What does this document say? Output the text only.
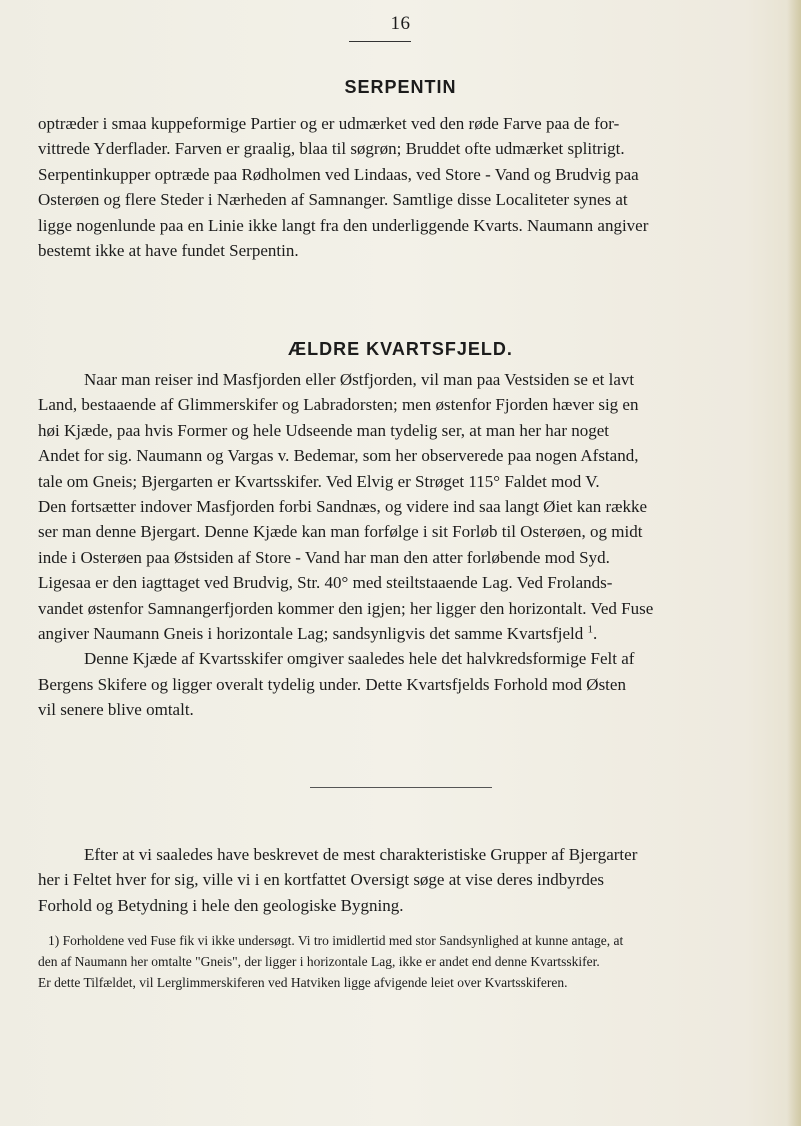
16
SERPENTIN
optræder i smaa kuppeformige Partier og er udmærket ved den røde Farve paa de for-
vittrede Yderflader. Farven er graalig, blaa til søgrøn; Bruddet ofte udmærket splitrigt.
Serpentinkupper optræde paa Rødholmen ved Lindaas, ved Store - Vand og Brudvig paa
Osterøen og flere Steder i Nærheden af Samnanger. Samtlige disse Localiteter synes at
ligge nogenlunde paa en Linie ikke langt fra den underliggende Kvarts. Naumann angiver
bestemt ikke at have fundet Serpentin.
ÆLDRE KVARTSFJELD.
Naar man reiser ind Masfjorden eller Østfjorden, vil man paa Vestsiden se et lavt
Land, bestaaende af Glimmerskifer og Labradorsten; men østenfor Fjorden hæver sig en
høi Kjæde, paa hvis Former og hele Udseende man tydelig ser, at man her har noget
Andet for sig. Naumann og Vargas v. Bedemar, som her observerede paa nogen Afstand,
tale om Gneis; Bjergarten er Kvartsskifer. Ved Elvig er Strøget 115° Faldet mod V.
Den fortsætter indover Masfjorden forbi Sandnæs, og videre ind saa langt Øiet kan række
ser man denne Bjergart. Denne Kjæde kan man forfølge i sit Forløb til Osterøen, og midt
inde i Osterøen paa Østsiden af Store - Vand har man den atter forløbende mod Syd.
Ligesaa er den iagttaget ved Brudvig, Str. 40° med steiltstaaende Lag. Ved Frolands-
vandet østenfor Samnangerfjorden kommer den igjen; her ligger den horizontalt. Ved Fuse
angiver Naumann Gneis i horizontale Lag; sandsynligvis det samme Kvartsfjeld $^1$.
Denne Kjæde af Kvartsskifer omgiver saaledes hele det halvkredsformige Felt af
Bergens Skifere og ligger overalt tydelig under. Dette Kvartsfjelds Forhold mod Østen
vil senere blive omtalt.
Efter at vi saaledes have beskrevet de mest charakteristiske Grupper af Bjergarter
her i Feltet hver for sig, ville vi i en kortfattet Oversigt søge at vise deres indbyrdes
Forhold og Betydning i hele den geologiske Bygning.
1) Forholdene ved Fuse fik vi ikke undersøgt. Vi tro imidlertid med stor Sandsynlighed at kunne antage, at
den af Naumann her omtalte "Gneis", der ligger i horizontale Lag, ikke er andet end denne Kvartsskifer.
Er dette Tilfældet, vil Lerglimmerskiferen ved Hatviken ligge afvigende leiet over Kvartsskiferen.
